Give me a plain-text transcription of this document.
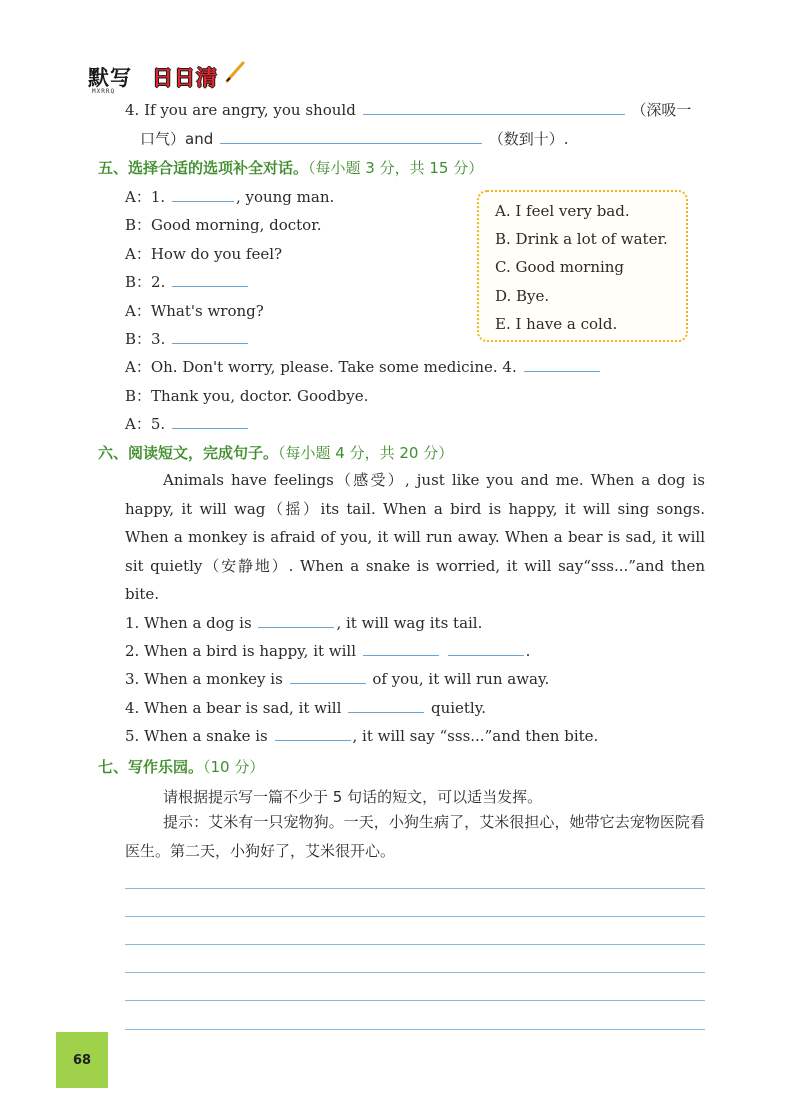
默写 日日清
MXRRQ
4. If you are angry, you should	（深吸一
口气）and	（数到十）.
五、选择合适的选项补全对话。（每小题 3 分，共 15 分）
A：1.	, young man.
B：Good morning, doctor.
A：How do you feel?
B：2.
A：What's wrong?
B：3.
A：Oh. Don't worry, please. Take some medicine. 4.
B：Thank you, doctor. Goodbye.
A：5.
A. I feel very bad.
B. Drink a lot of water.
C. Good morning
D. Bye.
E. I have a cold.
六、阅读短文，完成句子。（每小题 4 分，共 20 分）
Animals have feelings（感受）, just like you and me. When a dog is happy, it will wag（摇）its tail. When a bird is happy, it will sing songs. When a monkey is afraid of you, it will run away. When a bear is sad, it will sit quietly（安静地）. When a snake is worried, it will say“sss...”and then bite.
1. When a dog is	, it will wag its tail.
2. When a bird is happy, it will	.
3. When a monkey is	of you, it will run away.
4. When a bear is sad, it will	quietly.
5. When a snake is	, it will say “sss...”and then bite.
七、写作乐园。（10 分）
请根据提示写一篇不少于 5 句话的短文，可以适当发挥。
提示：艾米有一只宠物狗。一天，小狗生病了，艾米很担心，她带它去宠物医院看医生。第二天，小狗好了，艾米很开心。
68
